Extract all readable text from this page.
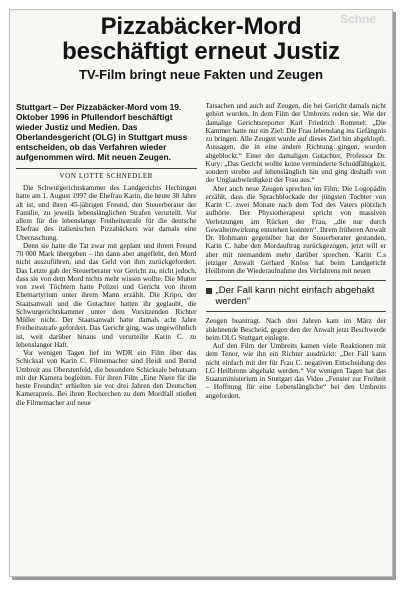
Schne
Pizzabäcker-Mord
beschäftigt erneut Justiz
TV-Film bringt neue Fakten und Zeugen

Stuttgart – Der Pizzabäcker-Mord vom 19. Oktober 1996 in Pfullendorf beschäftigt wieder Justiz und Medien. Das Oberlandesgericht (OLG) in Stuttgart muss entscheiden, ob das Verfahren wieder aufgenommen wird. Mit neuen Zeugen.

VON LOTTE SCHNEDLER

Die Schwurgerichtskammer des Landgerichts Hechingen hatte am 1. August 1997 die Ehefrau Karin, die heute 38 Jahre alt ist, und ihren 45-jährigen Freund, den Steuerberater der Familie, zu jeweils lebenslänglichen Strafen verurteilt. Vor allem für die lebenslange Freiheitsstrafe für die deutsche Ehefrau des italienischen Pizzabäckers war damals eine Überraschung.

Denn sie hatte die Tat zwar mit geplant und ihrem Freund 70 000 Mark übergeben – ihn dann aber angefleht, den Mord nicht auszuführen, und das Geld von ihm zurückgefordert. Das Letzte gab der Steuerberater vor Gericht zu, nicht jedoch, dass sie von dem Mord nichts mehr wissen wollte. Die Mutter von zwei Töchtern hatte Polizei und Gericht von ihrem Ehemartyrium unter ihrem Mann erzählt. Die Kripo, der Staatsanwalt und die Gutachter hatten ihr geglaubt, die Schwurgerichtskammer unter dem Vorsitzenden Richter Müller nicht. Der Staatsanwalt hatte damals acht Jahre Freiheitsstrafe gefordert. Das Gericht ging, was ungewöhnlich ist, weit darüber hinaus und verurteilte Karin C. zu lebenslanger Haft.

Vor wenigen Tagen lief im WDR ein Film über das Schicksal von Karin C. Filmemacher sind Heidi und Bernd Umbreit aus Oberstenfeld, die besondere Schicksale behutsam mit der Kamera begleiten. Für ihren Film „Eine Niere für die beste Freundin“ erhielten sie vor drei Jahren den Deutschen Kamerapreis. Bei ihren Recherchen zu dem Mordfall stießen die Filmemacher auf neue

Tatsachen und auch auf Zeugen, die bei Gericht damals nicht gehört wurden. In dem Film der Umbreits reden sie. Wie der damalige Gerichtsreporter Karl Friedrich Rommel: „Die Kammer hatte nur ein Ziel: Die Frau lebenslang ins Gefängnis zu bringen. Alle Zeugen wurde auf dieses Ziel hin abgeklopft. Aussagen, die in eine andere Richtung gingen, wurden abgeblockt.“ Einer der damaligen Gutachter, Professor Dr. Kury: „Das Gericht wollte keine verminderte Schuldfähigkeit, sondern strebte auf lebenslänglich hin und ging deshalb von der Unglaubwürdigkeit der Frau aus.“

Aber auch neue Zeugen sprechen im Film: Die Logopädin erzählt, dass die Sprachblockade der jüngsten Tochter von Karin C. zwei Monate nach dem Tod des Vaters plötzlich aufhörte. Der Physiotherapeut spricht von massiven Verletzungen am Rücken der Frau, „die nur durch Gewalteinwirkung entstehen konnten“. Ihrem früheren Anwalt Dr. Hohmann gegenüber hat der Steuerberater gestanden, Karin C. habe den Mordauftrag zurückgezogen, jetzt will er aber mit niemandem mehr darüber sprechen. Karin C.s jetziger Anwalt Gerhard Knöss hat beim Landgericht Heilbronn die Wiederaufnahme des Verfahrens mit neuen

„Der Fall kann nicht einfach abgehakt werden“

Zeugen beantragt. Nach drei Jahren kam im März der ablehnende Bescheid, gegen den der Anwalt jetzt Beschwerde beim OLG Stuttgart einlegte.

Auf den Film der Umbreits kamen viele Reaktionen mit dem Tenor, wie ihn ein Richter ausdrückt: „Der Fall kann nicht einfach mit der für Frau C. negativen Entscheidung des LG Heilbronn abgehakt werden.“ Vor wenigen Tagen hat das Staatsministerium in Stuttgart das Video „Fenster zur Freiheit – Hoffnung für eine Lebenslängliche“ bei den Umbreits angefordert.
